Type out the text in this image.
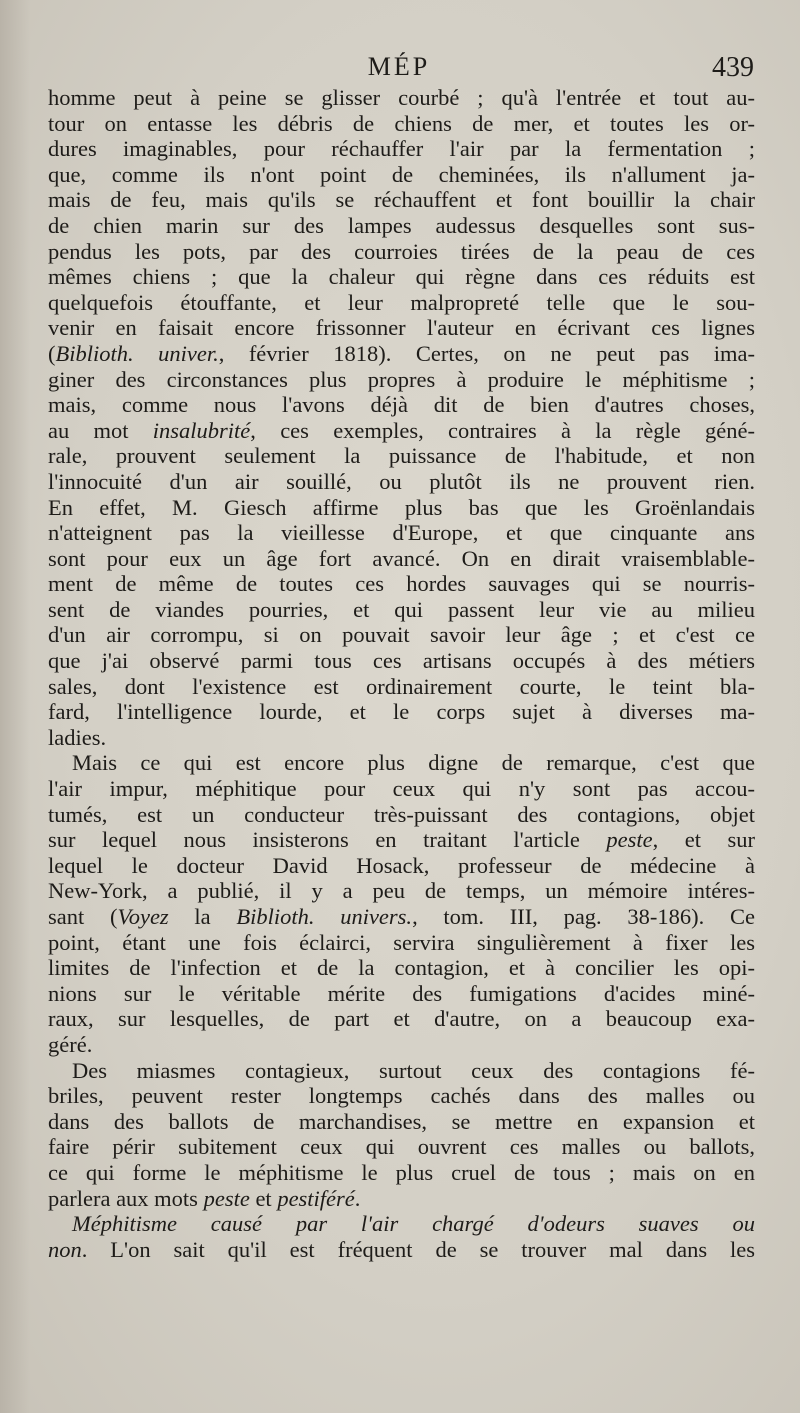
MÉP	439
homme peut à peine se glisser courbé ; qu'à l'entrée et tout au-
tour on entasse les débris de chiens de mer, et toutes les or-
dures imaginables, pour réchauffer l'air par la fermentation ;
que, comme ils n'ont point de cheminées, ils n'allument ja-
mais de feu, mais qu'ils se réchauffent et font bouillir la chair
de chien marin sur des lampes audessus desquelles sont sus-
pendus les pots, par des courroies tirées de la peau de ces
mêmes chiens ; que la chaleur qui règne dans ces réduits est
quelquefois étouffante, et leur malpropreté telle que le sou-
venir en faisait encore frissonner l'auteur en écrivant ces lignes
(Biblioth. univer., février 1818). Certes, on ne peut pas ima-
giner des circonstances plus propres à produire le méphitisme ;
mais, comme nous l'avons déjà dit de bien d'autres choses,
au mot insalubrité, ces exemples, contraires à la règle géné-
rale, prouvent seulement la puissance de l'habitude, et non
l'innocuité d'un air souillé, ou plutôt ils ne prouvent rien.
En effet, M. Giesch affirme plus bas que les Groënlandais
n'atteignent pas la vieillesse d'Europe, et que cinquante ans
sont pour eux un âge fort avancé. On en dirait vraisemblable-
ment de même de toutes ces hordes sauvages qui se nourris-
sent de viandes pourries, et qui passent leur vie au milieu
d'un air corrompu, si on pouvait savoir leur âge ; et c'est ce
que j'ai observé parmi tous ces artisans occupés à des métiers
sales, dont l'existence est ordinairement courte, le teint bla-
fard, l'intelligence lourde, et le corps sujet à diverses ma-
ladies.
Mais ce qui est encore plus digne de remarque, c'est que
l'air impur, méphitique pour ceux qui n'y sont pas accou-
tumés, est un conducteur très-puissant des contagions, objet
sur lequel nous insisterons en traitant l'article peste, et sur
lequel le docteur David Hosack, professeur de médecine à
New-York, a publié, il y a peu de temps, un mémoire intéres-
sant (Voyez la Biblioth. univers., tom. III, pag. 38-186). Ce
point, étant une fois éclairci, servira singulièrement à fixer les
limites de l'infection et de la contagion, et à concilier les opi-
nions sur le véritable mérite des fumigations d'acides miné-
raux, sur lesquelles, de part et d'autre, on a beaucoup exa-
géré.
Des miasmes contagieux, surtout ceux des contagions fé-
briles, peuvent rester longtemps cachés dans des malles ou
dans des ballots de marchandises, se mettre en expansion et
faire périr subitement ceux qui ouvrent ces malles ou ballots,
ce qui forme le méphitisme le plus cruel de tous ; mais on en
parlera aux mots peste et pestiféré.
Méphitisme causé par l'air chargé d'odeurs suaves ou
non. L'on sait qu'il est fréquent de se trouver mal dans les
